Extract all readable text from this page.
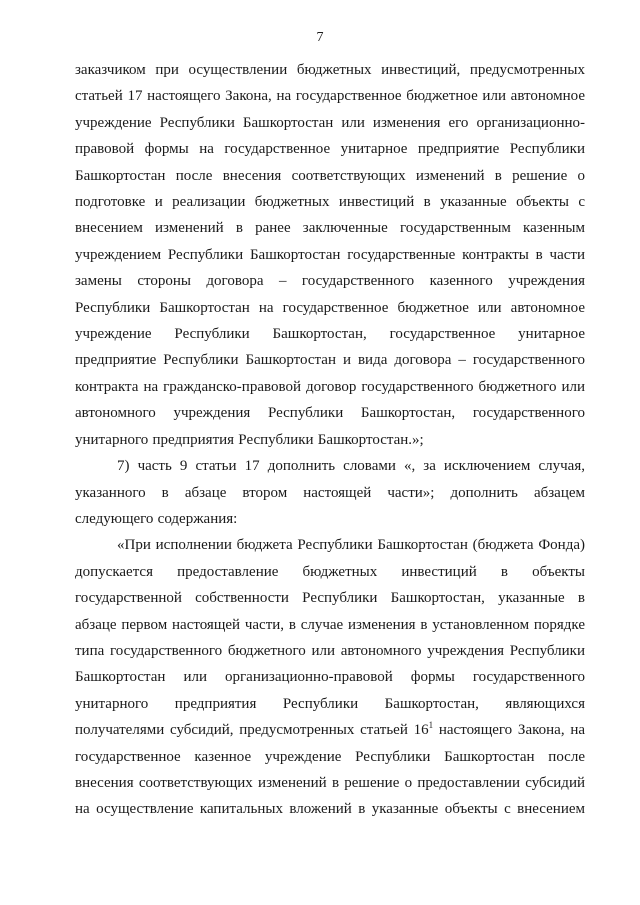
7

заказчиком при осуществлении бюджетных инвестиций, предусмотренных статьей 17 настоящего Закона, на государственное бюджетное или автономное учреждение Республики Башкортостан или изменения его организационно-правовой формы на государственное унитарное предприятие Республики Башкортостан после внесения соответствующих изменений в решение о подготовке и реализации бюджетных инвестиций в указанные объекты с внесением изменений в ранее заключенные государственным казенным учреждением Республики Башкортостан государственные контракты в части замены стороны договора – государственного казенного учреждения Республики Башкортостан на государственное бюджетное или автономное учреждение Республики Башкортостан, государственное унитарное предприятие Республики Башкортостан и вида договора – государственного контракта на гражданско-правовой договор государственного бюджетного или автономного учреждения Республики Башкортостан, государственного унитарного предприятия Республики Башкортостан.»;

7) часть 9 статьи 17 дополнить словами «, за исключением случая, указанного в абзаце втором настоящей части»; дополнить абзацем следующего содержания:

«При исполнении бюджета Республики Башкортостан (бюджета Фонда) допускается предоставление бюджетных инвестиций в объекты государственной собственности Республики Башкортостан, указанные в абзаце первом настоящей части, в случае изменения в установленном порядке типа государственного бюджетного или автономного учреждения Республики Башкортостан или организационно-правовой формы государственного унитарного предприятия Республики Башкортостан, являющихся получателями субсидий, предусмотренных статьей $16^1$ настоящего Закона, на государственное казенное учреждение Республики Башкортостан после внесения соответствующих изменений в решение о предоставлении субсидий на осуществление капитальных вложений в указанные объекты с внесением
